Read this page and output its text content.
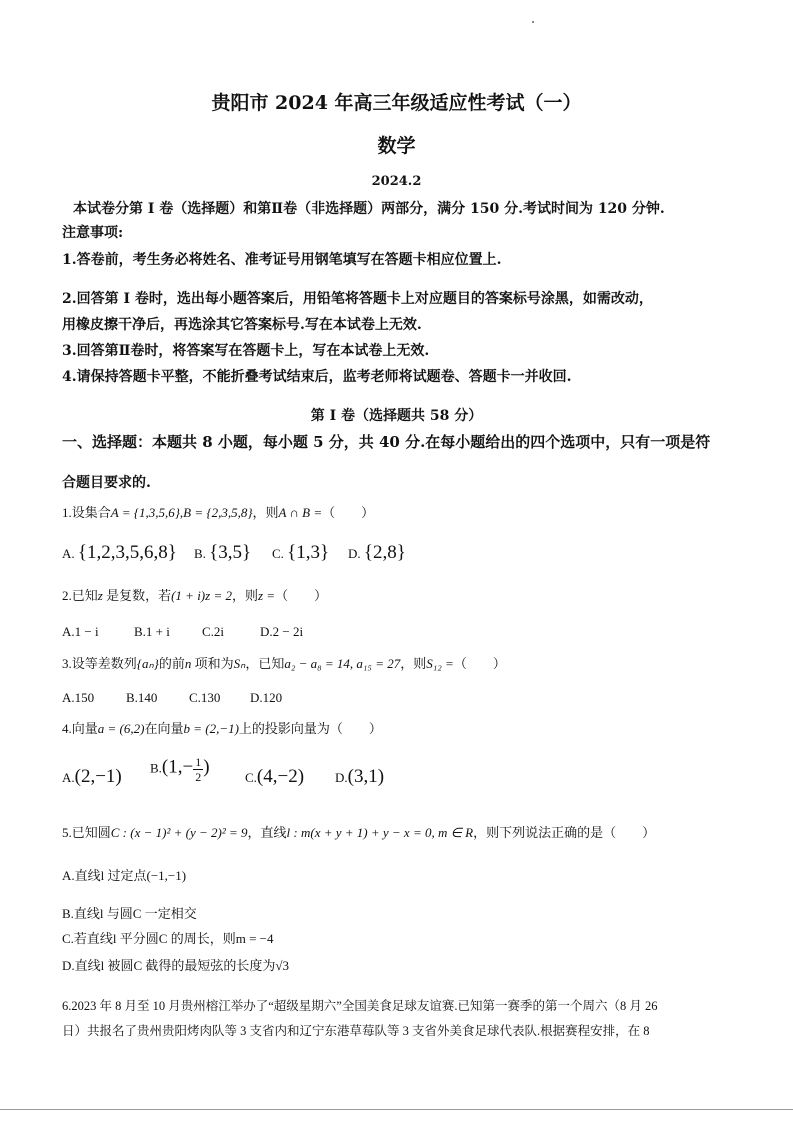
贵阳市 2024 年高三年级适应性考试（一）
数学
2024.2
本试卷分第 I 卷（选择题）和第Ⅱ卷（非选择题）两部分，满分 150 分.考试时间为 120 分钟.
注意事项:
1.答卷前，考生务必将姓名、准考证号用钢笔填写在答题卡相应位置上.
2.回答第 I 卷时，选出每小题答案后，用铅笔将答题卡上对应题目的答案标号涂黑，如需改动，
用橡皮擦干净后，再选涂其它答案标号.写在本试卷上无效.
3.回答第Ⅱ卷时，将答案写在答题卡上，写在本试卷上无效.
4.请保持答题卡平整，不能折叠考试结束后，监考老师将试题卷、答题卡一并收回.
第 I 卷（选择题共 58 分）
一、选择题：本题共 8 小题，每小题 5 分，共 40 分.在每小题给出的四个选项中，只有一项是符
合题目要求的.
1.设集合A = {1,3,5,6},B = {2,3,5,8}，则A ∩ B =（　　）
A. {1,2,3,5,6,8} B. {3,5} C. {1,3} D. {2,8}
2.已知z 是复数，若(1 + i)z = 2，则z =（　　）
A.1 − i	B.1 + i C.2i	D.2 − 2i
3.设等差数列{aₙ}的前n 项和为Sₙ，已知a₂ − a₈ = 14, a₁₅ = 27，则S₁₂ =（　　）
A.150 B.140 C.130 D.120
4.向量a = (6,2)在向量b = (2,−1)上的投影向量为（　　）
A.(2,−1) $B.(1,- \frac{1}{2}$ )
C.(4,−2) D.(3,1)
5.已知圆C : (x − 1)² + (y − 2)² = 9，直线l : m(x + y + 1) + y − x = 0, m ∈ R，则下列说法正确的是（　　）
A.直线l 过定点(−1,−1)
B.直线l 与圆C 一定相交
C.若直线l 平分圆C 的周长，则m = −4
D.直线l 被圆C 截得的最短弦的长度为√3
6.2023 年 8 月至 10 月贵州榕江举办了“超级星期六”全国美食足球友谊赛.已知第一赛季的第一个周六（8 月 26
日）共报名了贵州贵阳烤肉队等 3 支省内和辽宁东港草莓队等 3 支省外美食足球代表队.根据赛程安排，在 8
